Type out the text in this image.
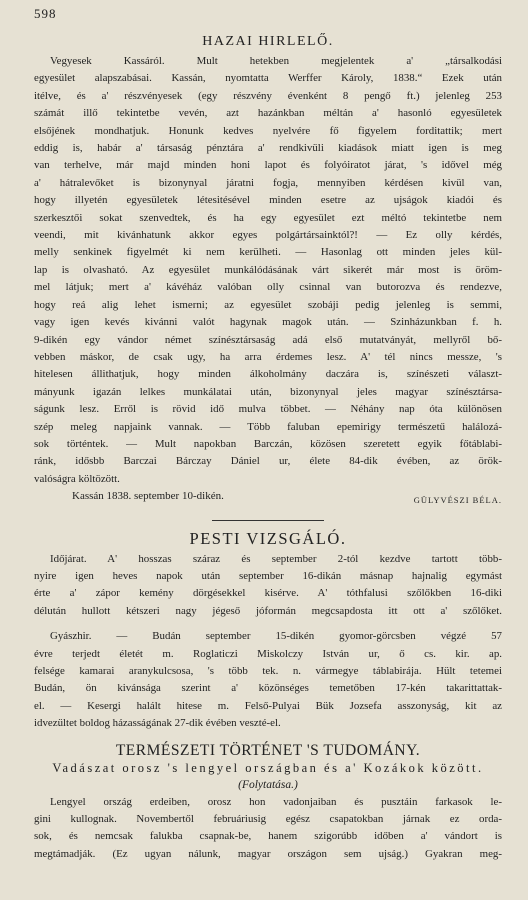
598
HAZAI HIRLELŐ.
Vegyesek Kassáról. Mult hetekben megjelentek a' „társalkodási
egyesület alapszabásai. Kassán, nyomtatta Werffer Károly, 1838.“ Ezek után
itélve, és a' részvényesek (egy részvény évenként 8 pengő ft.) jelenleg 253
számát illő tekintetbe vevén, azt hazánkban méltán a' hasonló egyesületek
elsőjének mondhatjuk. Honunk kedves nyelvére fő figyelem forditattik; mert
eddig is, habár a' társaság pénztára a' rendkivüli kiadások miatt igen is meg
van terhelve, már majd minden honi lapot és folyóiratot járat, 's idővel még
a' hátralevőket is bizonynyal járatni fogja, mennyiben kérdésen kivül van,
hogy illyetén egyesületek létesitésével minden esetre az ujságok kiadói és
szerkesztői sokat szenvedtek, és ha egy egyesület ezt méltó tekintetbe nem
veendi, mit kivánhatunk akkor egyes polgártársainktól?! — Ez olly kérdés,
melly senkinek figyelmét ki nem kerülheti. — Hasonlag ott minden jeles kül-
lap is olvasható. Az egyesület munkálódásának várt sikerét már most is öröm-
mel látjuk; mert a' kávéház valóban olly csinnal van butorozva és rendezve,
hogy reá alig lehet ismerni; az egyesület szobáji pedig jelenleg is semmi,
vagy igen kevés kivánni valót hagynak magok után. — Szinházunkban f. h.
9-dikén egy vándor német színésztársaság adá első mutatványát, mellyről bő-
vebben máskor, de csak ugy, ha arra érdemes lesz. A' tél nincs messze, 's
hitelesen állithatjuk, hogy minden álkoholmány daczára is, színészeti választ-
mányunk igazán lelkes munkálatai után, bizonynyal jeles magyar színésztársa-
ságunk lesz. Erről is rövid idő mulva többet. — Néhány nap óta különösen
szép meleg napjaink vannak. — Több faluban epemirigy természetű halálozá-
sok történtek. — Mult napokban Barczán, közösen szeretett egyik főtáblabi-
ránk, idősbb Barczai Bárczay Dániel ur, élete 84-dik évében, az örök-
valóságra költözött.
Kassán 1838. september 10-dikén.	GÜLYVÉSZI BÉLA.
PESTI VIZSGÁLÓ.
Időjárat. A' hosszas száraz és september 2-tól kezdve tartott több-
nyire igen heves napok után september 16-dikán másnap hajnalig egymást
érte a' zápor kemény dörgésekkel kisérve. A' tóthfalusi szőlőkben 16-diki
délután hullott kétszeri nagy jégeső jóformán megcsapdosta itt ott a' szőlőket.
Gyászhir. — Budán september 15-dikén gyomor-görcsben végzé 57
évre terjedt életét m. Roglaticzi Miskolczy István ur, ő cs. kir. ap.
felsége kamarai aranykulcsosa, 's több tek. n. vármegye táblabirája. Hült tetemei
Budán, ön kivánsága szerint a' közönséges temetőben 17-kén takarittattak-
el. — Kesergi halált hitese m. Felső-Pulyai Bük Jozsefa asszonyság, kit az
idvezültet boldog házasságának 27-dik évében veszté-el.
TERMÉSZETI TÖRTÉNET 'S TUDOMÁNY.
Vadászat orosz 's lengyel országban és a' Kozákok között.
(Folytatása.)
Lengyel ország erdeiben, orosz hon vadonjaiban és pusztáin farkasok le-
gini kullognak. Novembertől februáriusig egész csapatokban járnak ez orda-
sok, és nemcsak falukba csapnak-be, hanem szigorúbb időben a' vándort is
megtámadják. (Ez ugyan nálunk, magyar országon sem ujság.) Gyakran meg-
